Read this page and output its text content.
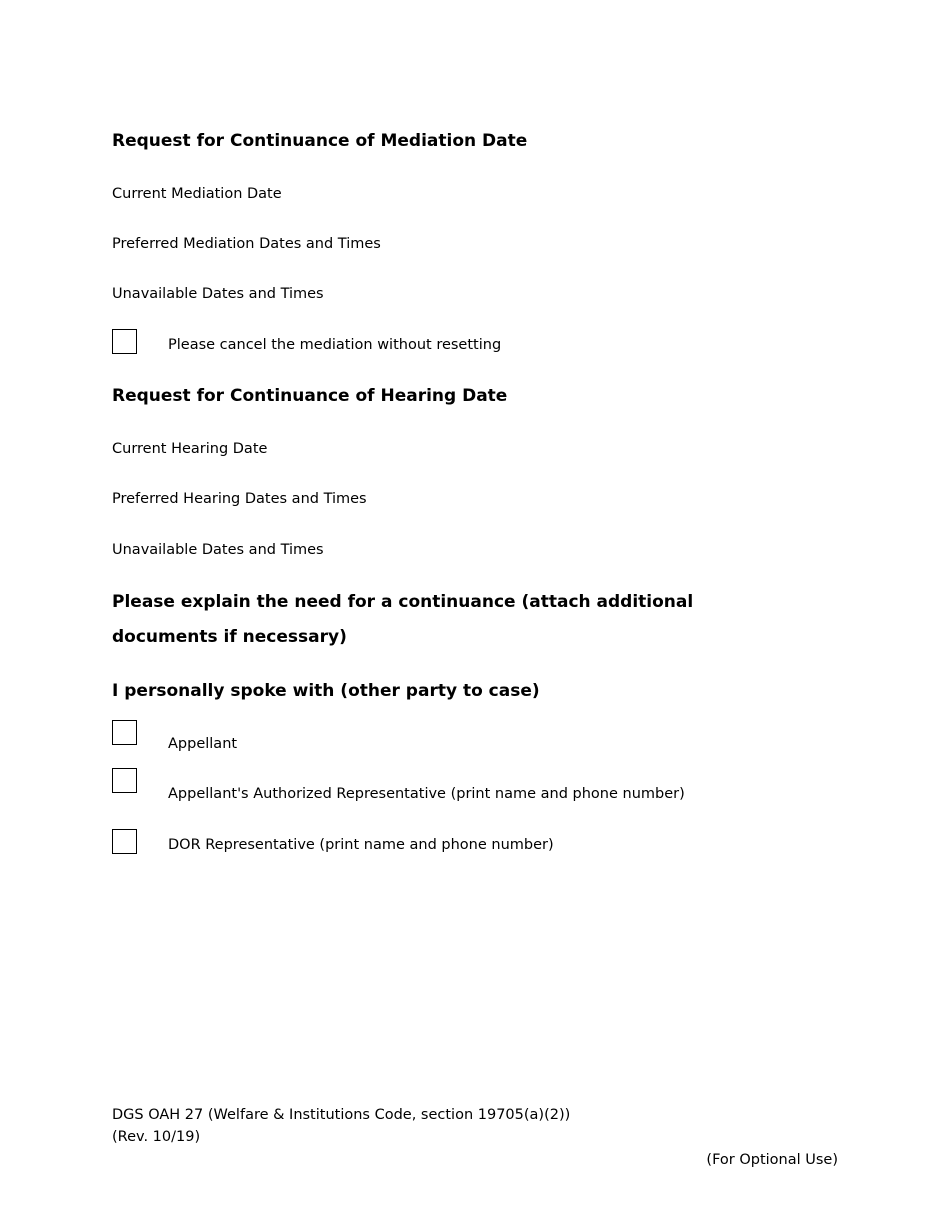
Request for Continuance of Mediation Date
Current Mediation Date
Preferred Mediation Dates and Times
Unavailable Dates and Times
Please cancel the mediation without resetting
Request for Continuance of Hearing Date
Current Hearing Date
Preferred Hearing Dates and Times
Unavailable Dates and Times
Please explain the need for a continuance (attach additional documents if necessary)
I personally spoke with (other party to case)
Appellant
Appellant's Authorized Representative (print name and phone number)
DOR Representative (print name and phone number)
DGS OAH 27 (Welfare & Institutions Code, section 19705(a)(2))
(Rev. 10/19)
(For Optional Use)
